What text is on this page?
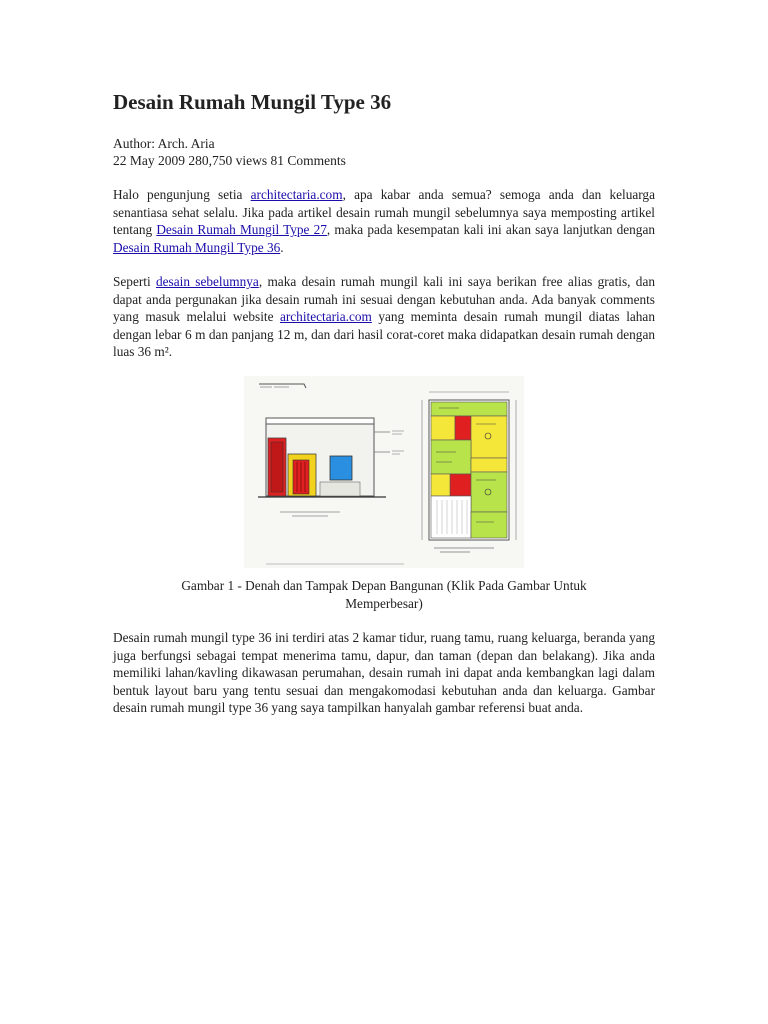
Desain Rumah Mungil Type 36
Author: Arch. Aria
22 May 2009 280,750 views 81 Comments

Halo pengunjung setia architectaria.com, apa kabar anda semua? semoga anda dan keluarga senantiasa sehat selalu. Jika pada artikel desain rumah mungil sebelumnya saya memposting artikel tentang Desain Rumah Mungil Type 27, maka pada kesempatan kali ini akan saya lanjutkan dengan Desain Rumah Mungil Type 36.

Seperti desain sebelumnya, maka desain rumah mungil kali ini saya berikan free alias gratis, dan dapat anda pergunakan jika desain rumah ini sesuai dengan kebutuhan anda. Ada banyak comments yang masuk melalui website architectaria.com yang meminta desain rumah mungil diatas lahan dengan lebar 6 m dan panjang 12 m, dan dari hasil corat-coret maka didapatkan desain rumah dengan luas 36 m².

Gambar 1 - Denah dan Tampak Depan Bangunan (Klik Pada Gambar Untuk Memperbesar)

Desain rumah mungil type 36 ini terdiri atas 2 kamar tidur, ruang tamu, ruang keluarga, beranda yang juga berfungsi sebagai tempat menerima tamu, dapur, dan taman (depan dan belakang). Jika anda memiliki lahan/kavling dikawasan perumahan, desain rumah ini dapat anda kembangkan lagi dalam bentuk layout baru yang tentu sesuai dan mengakomodasi kebutuhan anda dan keluarga. Gambar desain rumah mungil type 36 yang saya tampilkan hanyalah gambar referensi buat anda.
